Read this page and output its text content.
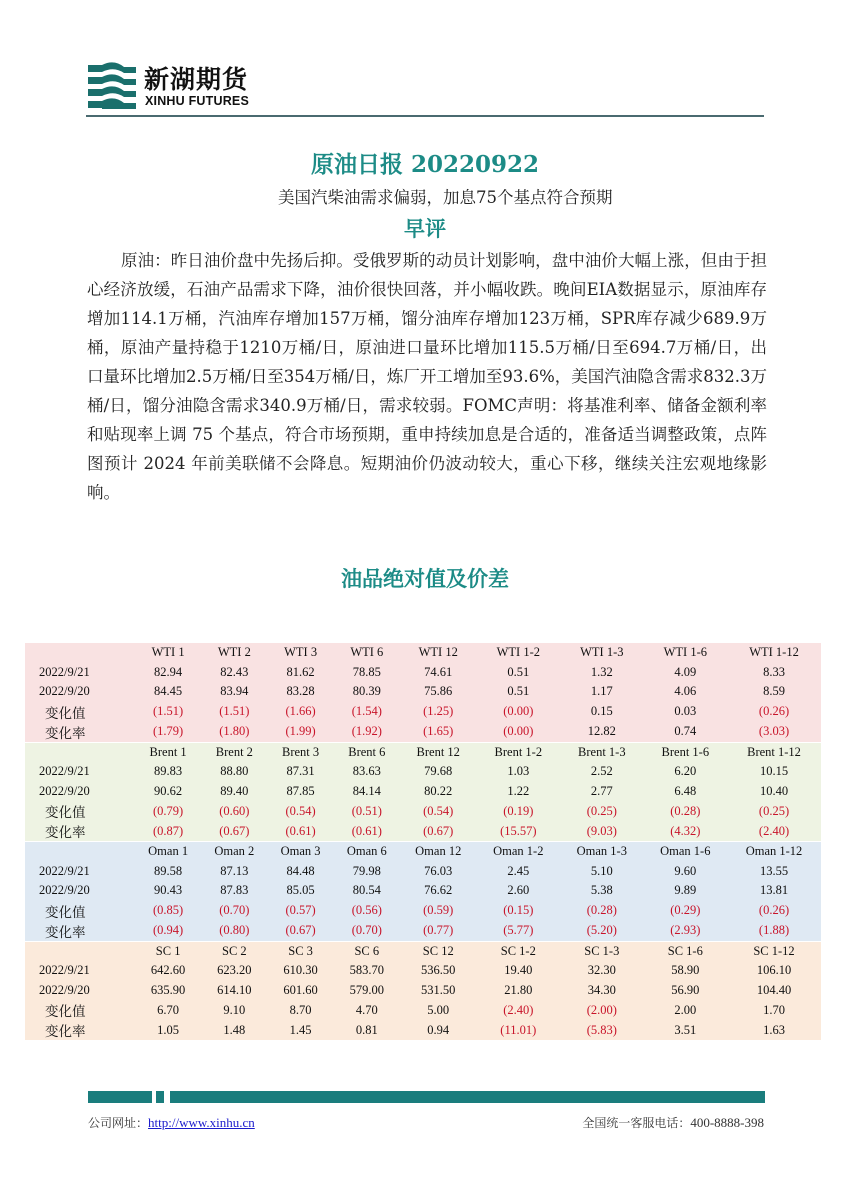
新湖期货
XINHU FUTURES
原油日报 20220922
美国汽柴油需求偏弱，加息75个基点符合预期
早评

原油：昨日油价盘中先扬后抑。受俄罗斯的动员计划影响，盘中油价大幅上涨，但由于担心经济放缓，石油产品需求下降，油价很快回落，并小幅收跌。晚间EIA数据显示，原油库存增加114.1万桶，汽油库存增加157万桶，馏分油库存增加123万桶，SPR库存减少689.9万桶，原油产量持稳于1210万桶/日，原油进口量环比增加115.5万桶/日至694.7万桶/日，出口量环比增加2.5万桶/日至354万桶/日，炼厂开工增加至93.6%，美国汽油隐含需求832.3万桶/日，馏分油隐含需求340.9万桶/日，需求较弱。FOMC声明：将基准利率、储备金额利率和贴现率上调 75 个基点，符合市场预期，重申持续加息是合适的，准备适当调整政策，点阵图预计 2024 年前美联储不会降息。短期油价仍波动较大，重心下移，继续关注宏观地缘影响。

油品绝对值及价差
	WTI 1	WTI 2	WTI 3	WTI 6	WTI 12	WTI 1-2	WTI 1-3	WTI 1-6	WTI 1-12
2022/9/21	82.94	82.43	81.62	78.85	74.61	0.51	1.32	4.09	8.33
2022/9/20	84.45	83.94	83.28	80.39	75.86	0.51	1.17	4.06	8.59
变化值	(1.51)	(1.51)	(1.66)	(1.54)	(1.25)	(0.00)	0.15	0.03	(0.26)
变化率	(1.79)	(1.80)	(1.99)	(1.92)	(1.65)	(0.00)	12.82	0.74	(3.03)
	Brent 1	Brent 2	Brent 3	Brent 6	Brent 12	Brent 1-2	Brent 1-3	Brent 1-6	Brent 1-12
2022/9/21	89.83	88.80	87.31	83.63	79.68	1.03	2.52	6.20	10.15
2022/9/20	90.62	89.40	87.85	84.14	80.22	1.22	2.77	6.48	10.40
变化值	(0.79)	(0.60)	(0.54)	(0.51)	(0.54)	(0.19)	(0.25)	(0.28)	(0.25)
变化率	(0.87)	(0.67)	(0.61)	(0.61)	(0.67)	(15.57)	(9.03)	(4.32)	(2.40)
	Oman 1	Oman 2	Oman 3	Oman 6	Oman 12	Oman 1-2	Oman 1-3	Oman 1-6	Oman 1-12
2022/9/21	89.58	87.13	84.48	79.98	76.03	2.45	5.10	9.60	13.55
2022/9/20	90.43	87.83	85.05	80.54	76.62	2.60	5.38	9.89	13.81
变化值	(0.85)	(0.70)	(0.57)	(0.56)	(0.59)	(0.15)	(0.28)	(0.29)	(0.26)
变化率	(0.94)	(0.80)	(0.67)	(0.70)	(0.77)	(5.77)	(5.20)	(2.93)	(1.88)
	SC 1	SC 2	SC 3	SC 6	SC 12	SC 1-2	SC 1-3	SC 1-6	SC 1-12
2022/9/21	642.60	623.20	610.30	583.70	536.50	19.40	32.30	58.90	106.10
2022/9/20	635.90	614.10	601.60	579.00	531.50	21.80	34.30	56.90	104.40
变化值	6.70	9.10	8.70	4.70	5.00	(2.40)	(2.00)	2.00	1.70
变化率	1.05	1.48	1.45	0.81	0.94	(11.01)	(5.83)	3.51	1.63
公司网址：http://www.xinhu.cn	全国统一客服电话：400-8888-398
